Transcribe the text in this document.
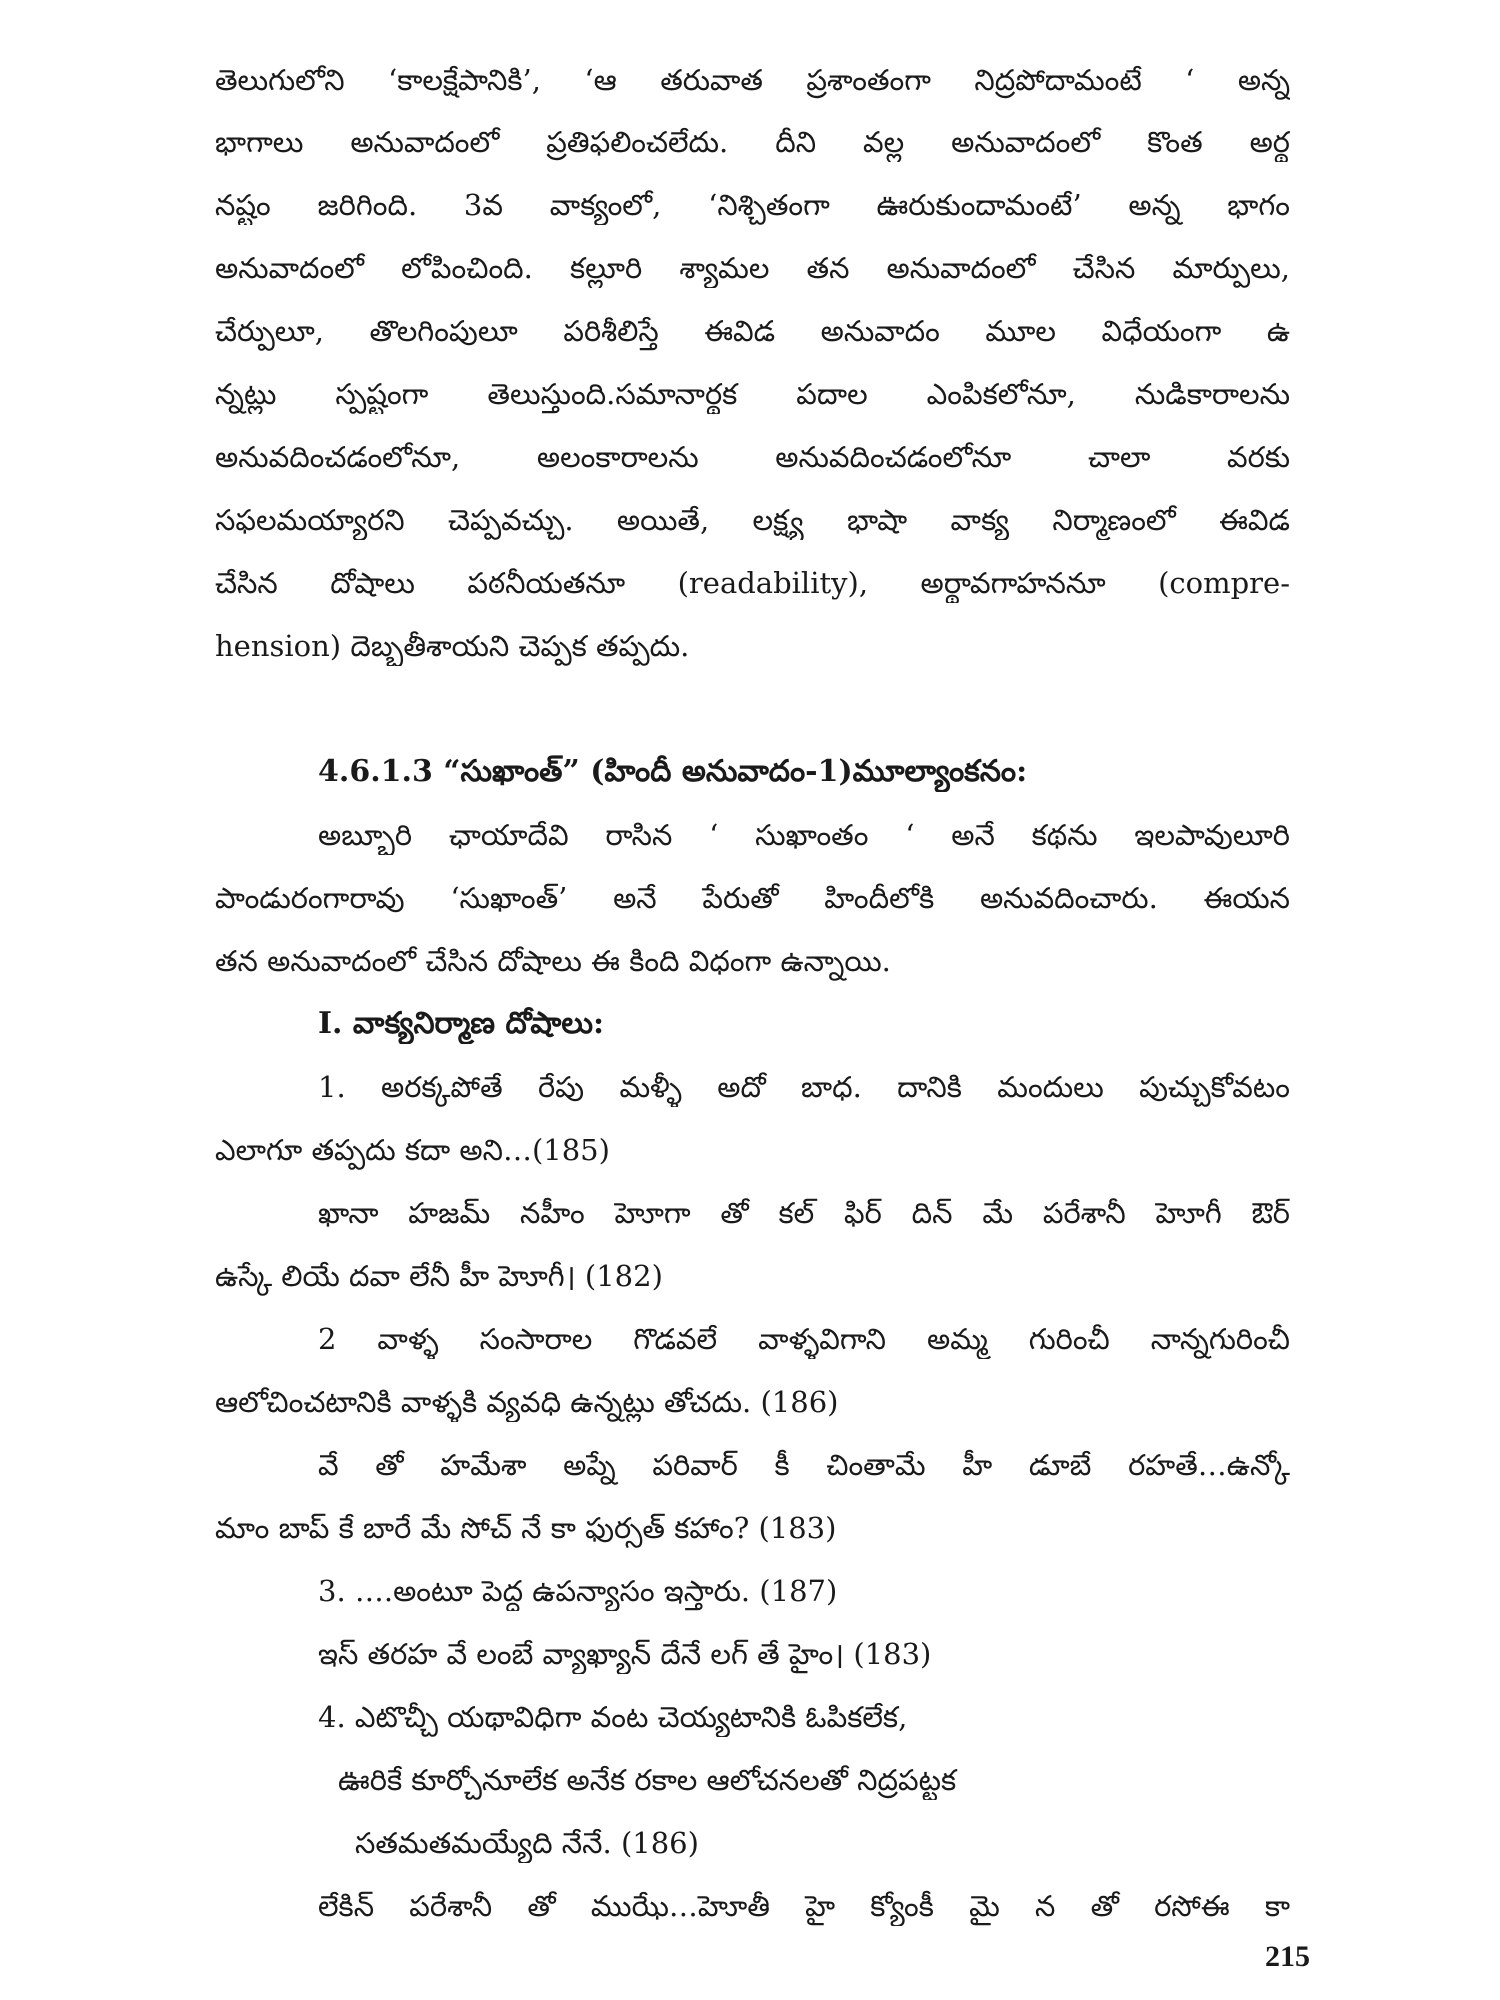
తెలుగులోని ‘కాలక్షేపానికి’, ‘ఆ తరువాత ప్రశాంతంగా నిద్రపోదామంటే ‘ అన్న
భాగాలు అనువాదంలో ప్రతిఫలించలేదు. దీని వల్ల అనువాదంలో కొంత అర్థ
నష్టం జరిగింది. 3వ వాక్యంలో, ‘నిశ్చితంగా ఊరుకుందామంటే’ అన్న భాగం
అనువాదంలో లోపించింది. కల్లూరి శ్యామల తన అనువాదంలో చేసిన మార్పులు,
చేర్పులూ, తొలగింపులూ పరిశీలిస్తే ఈవిడ అనువాదం మూల విధేయంగా ఉ
న్నట్లు స్పష్టంగా తెలుస్తుంది.సమానార్థక పదాల ఎంపికలోనూ, నుడికారాలను
అనువదించడంలోనూ, అలంకారాలను అనువదించడంలోనూ చాలా వరకు
సఫలమయ్యారని చెప్పవచ్చు. అయితే, లక్ష్య భాషా వాక్య నిర్మాణంలో ఈవిడ
చేసిన దోషాలు పఠనీయతనూ (readability), అర్థావగాహననూ (compre-
hension) దెబ్బతీశాయని చెప్పక తప్పదు.
4.6.1.3 “సుఖాంత్” (హిందీ అనువాదం-1)మూల్యాంకనం:
అబ్బూరి ఛాయాదేవి రాసిన ‘ సుఖాంతం ‘ అనే కథను ఇలపావులూరి
పాండురంగారావు ‘సుఖాంత్’ అనే పేరుతో హిందీలోకి అనువదించారు. ఈయన
తన అనువాదంలో చేసిన దోషాలు ఈ కింది విధంగా ఉన్నాయి.
I. వాక్యనిర్మాణ దోషాలు:
1. అరక్కపోతే రేపు మళ్ళీ అదో బాధ. దానికి మందులు పుచ్చుకోవటం
ఎలాగూ తప్పదు కదా అని…(185)
ఖానా హజమ్ నహీం హెూగా తో కల్ ఫిర్ దిన్ మే పరేశానీ హెూగీ ఔర్
ఉస్కే లియే దవా లేనీ హీ హెూగీ। (182)
2 వాళ్ళ సంసారాల గొడవలే వాళ్ళవిగాని అమ్మ గురించీ నాన్నగురించీ
ఆలోచించటానికి వాళ్ళకి వ్యవధి ఉన్నట్లు తోచదు. (186)
వే తో హమేశా అప్నే పరివార్ కీ చింతామే హీ డూబే రహతే…ఉన్కో
మాం బాప్ కే బారే మే సోచ్ నే కా ఫుర్సత్ కహాం? (183)
3. ….అంటూ పెద్ద ఉపన్యాసం ఇస్తారు. (187)
ఇస్ తరహ వే లంబే వ్యాఖ్యాన్ దేనే లగ్ తే హైం। (183)
4. ఎటొచ్చీ యథావిధిగా వంట చెయ్యటానికి ఓపికలేక,
ఊరికే కూర్చోనూలేక అనేక రకాల ఆలోచనలతో నిద్రపట్టక
సతమతమయ్యేది నేనే. (186)
లేకిన్ పరేశానీ తో ముఝే…హెూతీ హై క్యోంకీ మై న తో రసోఈ కా
215
